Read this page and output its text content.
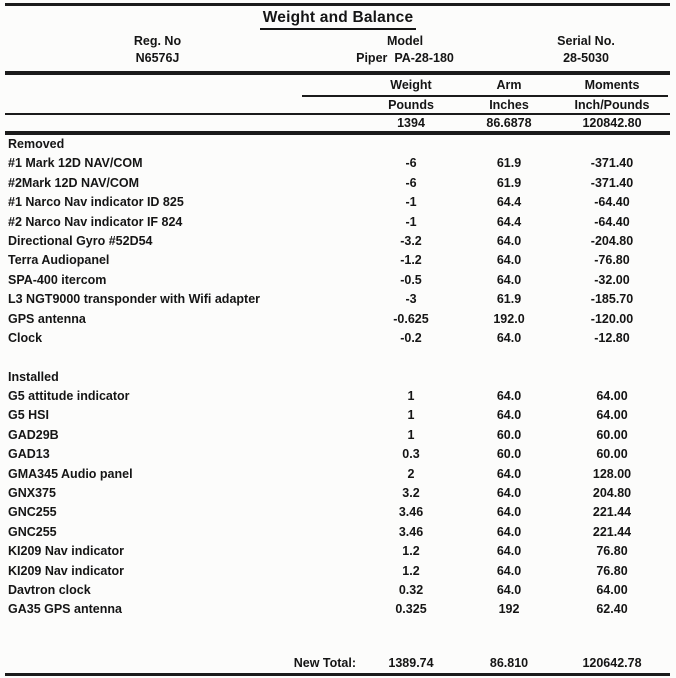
Weight and Balance
Reg. No	Model	Serial No.
N6576J	Piper  PA-28-180	28-5030
Weight	Arm	Moments
Pounds	Inches	Inch/Pounds
1394	86.6878	120842.80
Removed
#1 Mark 12D NAV/COM	-6	61.9	-371.40
#2Mark 12D NAV/COM	-6	61.9	-371.40
#1 Narco Nav indicator ID 825	-1	64.4	-64.40
#2 Narco Nav indicator IF 824	-1	64.4	-64.40
Directional Gyro #52D54	-3.2	64.0	-204.80
Terra Audiopanel	-1.2	64.0	-76.80
SPA-400 itercom	-0.5	64.0	-32.00
L3 NGT9000 transponder with Wifi adapter	-3	61.9	-185.70
GPS antenna	-0.625	192.0	-120.00
Clock	-0.2	64.0	-12.80
Installed
G5 attitude indicator	1	64.0	64.00
G5 HSI	1	64.0	64.00
GAD29B	1	60.0	60.00
GAD13	0.3	60.0	60.00
GMA345 Audio panel	2	64.0	128.00
GNX375	3.2	64.0	204.80
GNC255	3.46	64.0	221.44
GNC255	3.46	64.0	221.44
KI209 Nav indicator	1.2	64.0	76.80
KI209 Nav indicator	1.2	64.0	76.80
Davtron clock	0.32	64.0	64.00
GA35 GPS antenna	0.325	192	62.40
New Total:	1389.74	86.810	120642.78
